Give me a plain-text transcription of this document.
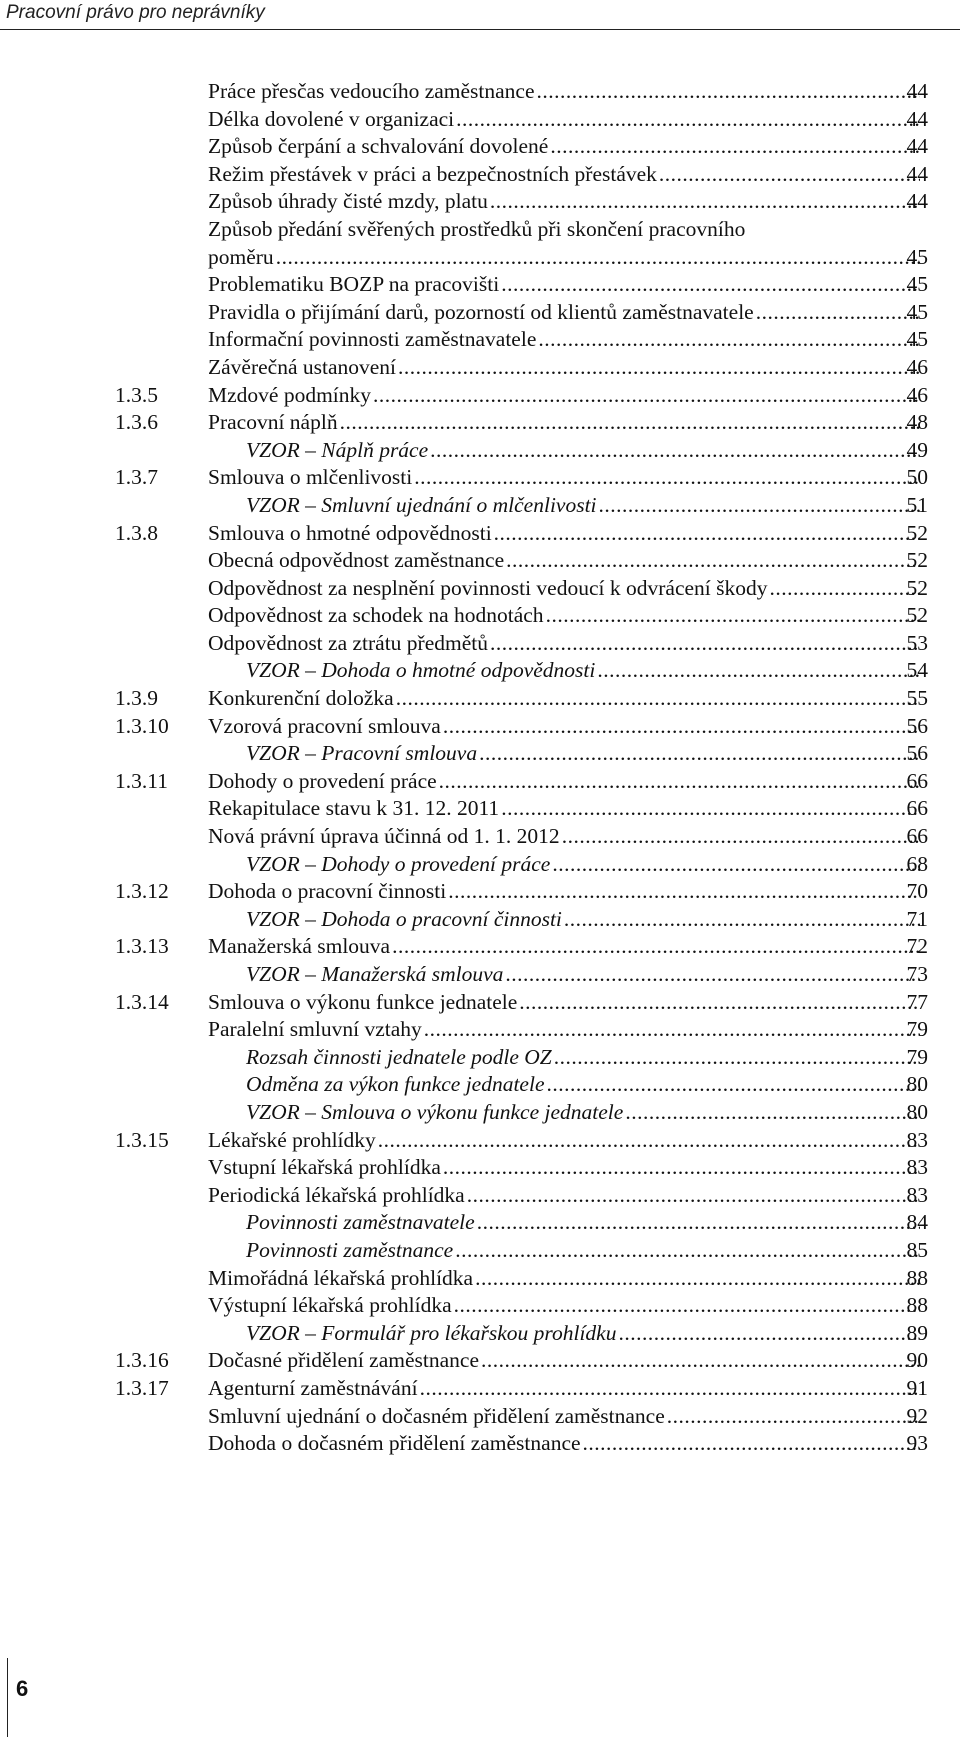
Pracovní právo pro neprávníky
Práce přesčas vedoucího zaměstnance .....	44
Délka dovolené v organizaci .....	44
Způsob čerpání a schvalování dovolené .....	44
Režim přestávek v práci a bezpečnostních přestávek .....	44
Způsob úhrady čisté mzdy, platu .....	44
Způsob předání svěřených prostředků při skončení pracovního
poměru .....	45
Problematiku BOZP na pracovišti .....	45
Pravidla o přijímání darů, pozorností od klientů zaměstnavatele .....	45
Informační povinnosti zaměstnavatele .....	45
Závěrečná ustanovení .....	46
1.3.5 Mzdové podmínky .....	46
1.3.6 Pracovní náplň .....	48
VZOR – Náplň práce .....	49
1.3.7 Smlouva o mlčenlivosti .....	50
VZOR – Smluvní ujednání o mlčenlivosti .....	51
1.3.8 Smlouva o hmotné odpovědnosti .....	52
Obecná odpovědnost zaměstnance .....	52
Odpovědnost za nesplnění povinnosti vedoucí k odvrácení škody .....	52
Odpovědnost za schodek na hodnotách .....	52
Odpovědnost za ztrátu předmětů .....	53
VZOR – Dohoda o hmotné odpovědnosti .....	54
1.3.9 Konkurenční doložka .....	55
1.3.10 Vzorová pracovní smlouva .....	56
VZOR – Pracovní smlouva .....	56
1.3.11 Dohody o provedení práce .....	66
Rekapitulace stavu k 31. 12. 2011 .....	66
Nová právní úprava účinná od 1. 1. 2012 .....	66
VZOR – Dohody o provedení práce .....	68
1.3.12 Dohoda o pracovní činnosti .....	70
VZOR – Dohoda o pracovní činnosti .....	71
1.3.13 Manažerská smlouva .....	72
VZOR – Manažerská smlouva .....	73
1.3.14 Smlouva o výkonu funkce jednatele .....	77
Paralelní smluvní vztahy .....	79
Rozsah činnosti jednatele podle OZ .....	79
Odměna za výkon funkce jednatele .....	80
VZOR – Smlouva o výkonu funkce jednatele .....	80
1.3.15 Lékařské prohlídky .....	83
Vstupní lékařská prohlídka .....	83
Periodická lékařská prohlídka .....	83
Povinnosti zaměstnavatele .....	84
Povinnosti zaměstnance .....	85
Mimořádná lékařská prohlídka .....	88
Výstupní lékařská prohlídka .....	88
VZOR – Formulář pro lékařskou prohlídku .....	89
1.3.16 Dočasné přidělení zaměstnance .....	90
1.3.17 Agenturní zaměstnávání .....	91
Smluvní ujednání o dočasném přidělení zaměstnance .....	92
Dohoda o dočasném přidělení zaměstnance .....	93
6
